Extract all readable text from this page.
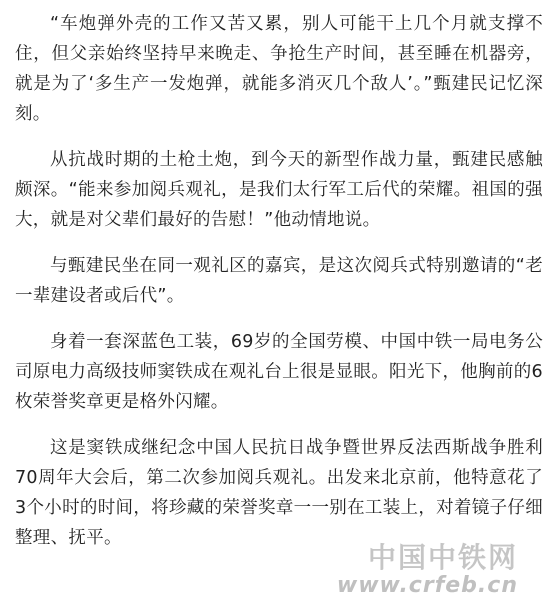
“车炮弹外壳的工作又苦又累，别人可能干上几个月就支撑不住，但父亲始终坚持早来晚走、争抢生产时间，甚至睡在机器旁，就是为了‘多生产一发炮弹，就能多消灭几个敌人’。”甄建民记忆深刻。

从抗战时期的土枪土炮，到今天的新型作战力量，甄建民感触颇深。“能来参加阅兵观礼，是我们太行军工后代的荣耀。祖国的强大，就是对父辈们最好的告慰！”他动情地说。

与甄建民坐在同一观礼区的嘉宾，是这次阅兵式特别邀请的“老一辈建设者或后代”。

身着一套深蓝色工装，69岁的全国劳模、中国中铁一局电务公司原电力高级技师窦铁成在观礼台上很是显眼。阳光下，他胸前的6枚荣誉奖章更是格外闪耀。

这是窦铁成继纪念中国人民抗日战争暨世界反法西斯战争胜利70周年大会后，第二次参加阅兵观礼。出发来北京前，他特意花了3个小时的时间，将珍藏的荣誉奖章一一别在工装上，对着镜子仔细整理、抚平。

中国中铁网
www.crfeb.cn
